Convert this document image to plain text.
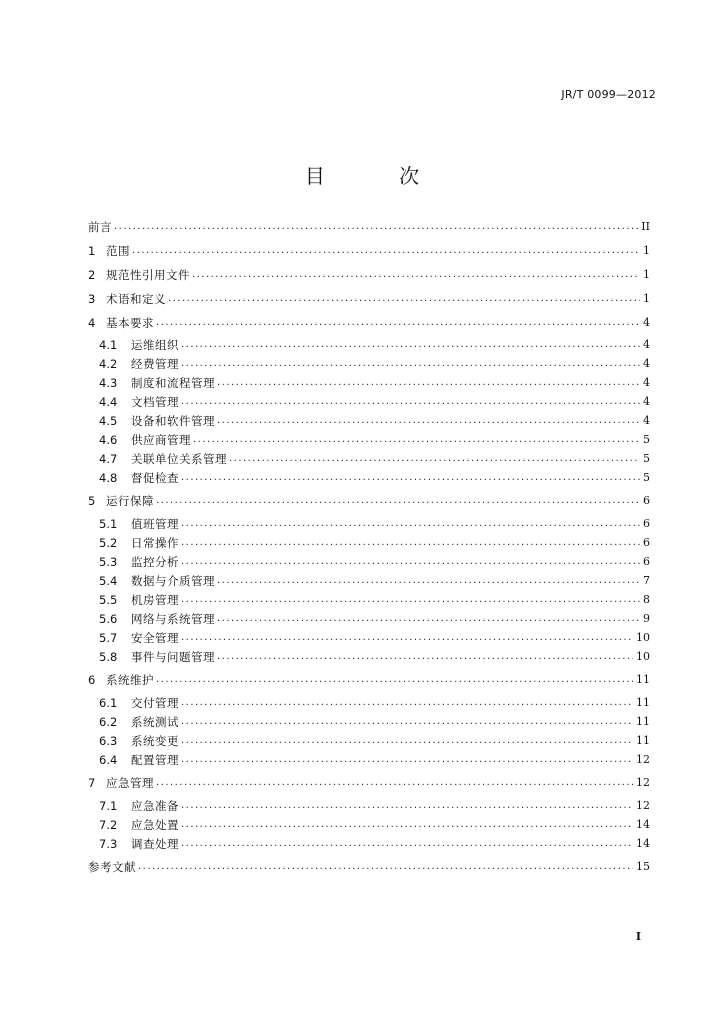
JR/T 0099—2012
目 次
前言 . . .	II
1 范围 . . .	1
2 规范性引用文件 . . .	1
3 术语和定义 . . .	1
4 基本要求 . . .	4
4.1	运维组织 . . .	4
4.2	经费管理 . . .	4
4.3	制度和流程管理 . . .	4
4.4	文档管理 . . .	4
4.5	设备和软件管理 . . .	4
4.6	供应商管理 . . .	5
4.7	关联单位关系管理 . . .	5
4.8	督促检查 . . .	5
5 运行保障 . . .	6
5.1	值班管理 . . .	6
5.2	日常操作 . . .	6
5.3	监控分析 . . .	6
5.4	数据与介质管理 . . .	7
5.5	机房管理 . . .	8
5.6	网络与系统管理 . . .	9
5.7	安全管理 . . .	10
5.8	事件与问题管理 . . .	10
6 系统维护 . . .	11
6.1	交付管理 . . .	11
6.2	系统测试 . . .	11
6.3	系统变更 . . .	11
6.4	配置管理 . . .	12
7 应急管理 . . .	12
7.1	应急准备 . . .	12
7.2	应急处置 . . .	14
7.3	调查处理 . . .	14
参考文献 . . .	15
I
